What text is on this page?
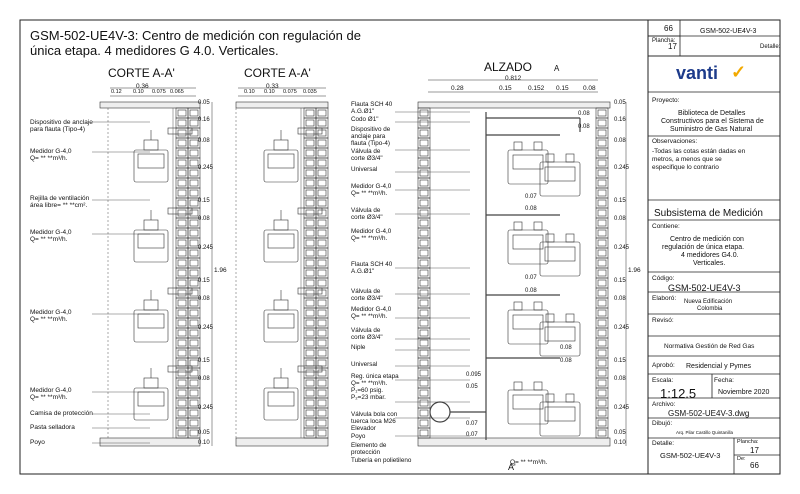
GSM-502-UE4V-3: Centro de medición con regulación de
única etapa. 4 medidores G 4.0. Verticales.
CORTE A-A'	CORTE A-A'	ALZADO	A
A'
0.36
0.12 0.10 0.075 0.065
0.33
0.10 0.10 0.075 0.035
0.812
0.28	0.15	0.152 0.15 0.08
0.08
0.08
0.07
0.08
0.07
0.08
0.08
0.08
0.095
0.05
0.07
0.07
0.05
0.16
0.08
0.245
0.15
0.08
0.245
0.15
0.08
0.245
0.15
0.08
0.245
0.05
0.10
0.05
0.16
0.08
0.245
0.15
0.08
0.245
0.15
0.08
0.245
0.15
0.08
0.245
0.05
0.10
1.96	1.96
Dispositivo de anclaje
para flauta (Tipo-4)
Medidor G-4,0
Q= ** **m³/h.
Rejilla de ventilación
área libre= ** **cm².
Medidor G-4,0
Q= ** **m³/h.
Medidor G-4,0
Q= ** **m³/h.
Medidor G-4,0
Q= ** **m³/h.
Camisa de protección
Pasta selladora
Poyo
Flauta SCH 40
A.G.Ø1"
Codo Ø1"
Dispositivo de
anclaje para
flauta (Tipo-4)
Válvula de
corte Ø3/4"
Universal
Medidor G-4,0
Q= ** **m³/h.
Válvula de
corte Ø3/4"
Medidor G-4,0
Q= ** **m³/h.
Flauta SCH 40
A.G.Ø1"
Válvula de
corte Ø3/4"
Medidor G-4,0
Q= ** **m³/h.
Válvula de
corte Ø3/4"
Niple
Universal
Reg. única etapa
Q= ** **m³/h.
P₁=60 psig.
P₂=23 mbar.
Válvula bola con
tuerca loca M26
Elevador
Poyo
Elemento de
protección
Tubería en polietileno	Q= ** **m³/h.
66
Plancha:
17
GSM-502-UE4V-3
Detalle:
vanti ✓
Proyecto:
Biblioteca de Detalles
Constructivos para el Sistema de
Suministro de Gas Natural
Observaciones:
-Todas las cotas están dadas en
metros, a menos que se
especifique lo contrario
Subsistema de Medición
Contiene:
Centro de medición con
regulación de única etapa.
4 medidores G4.0.
Verticales.
Código:
GSM-502-UE4V-3
Elaboró: Nueva Edificación
Colombia
Revisó:
Normativa Gestión de Red Gas
Aprobó: Residencial y Pymes
Escala:
1:12.5
Fecha:
Noviembre 2020
Archivo:
GSM-502-UE4V-3.dwg
Dibujó:
Arq. Pilar Castillo Quintanilla
Detalle:
GSM-502-UE4V-3
Plancha:
17
De:
66
